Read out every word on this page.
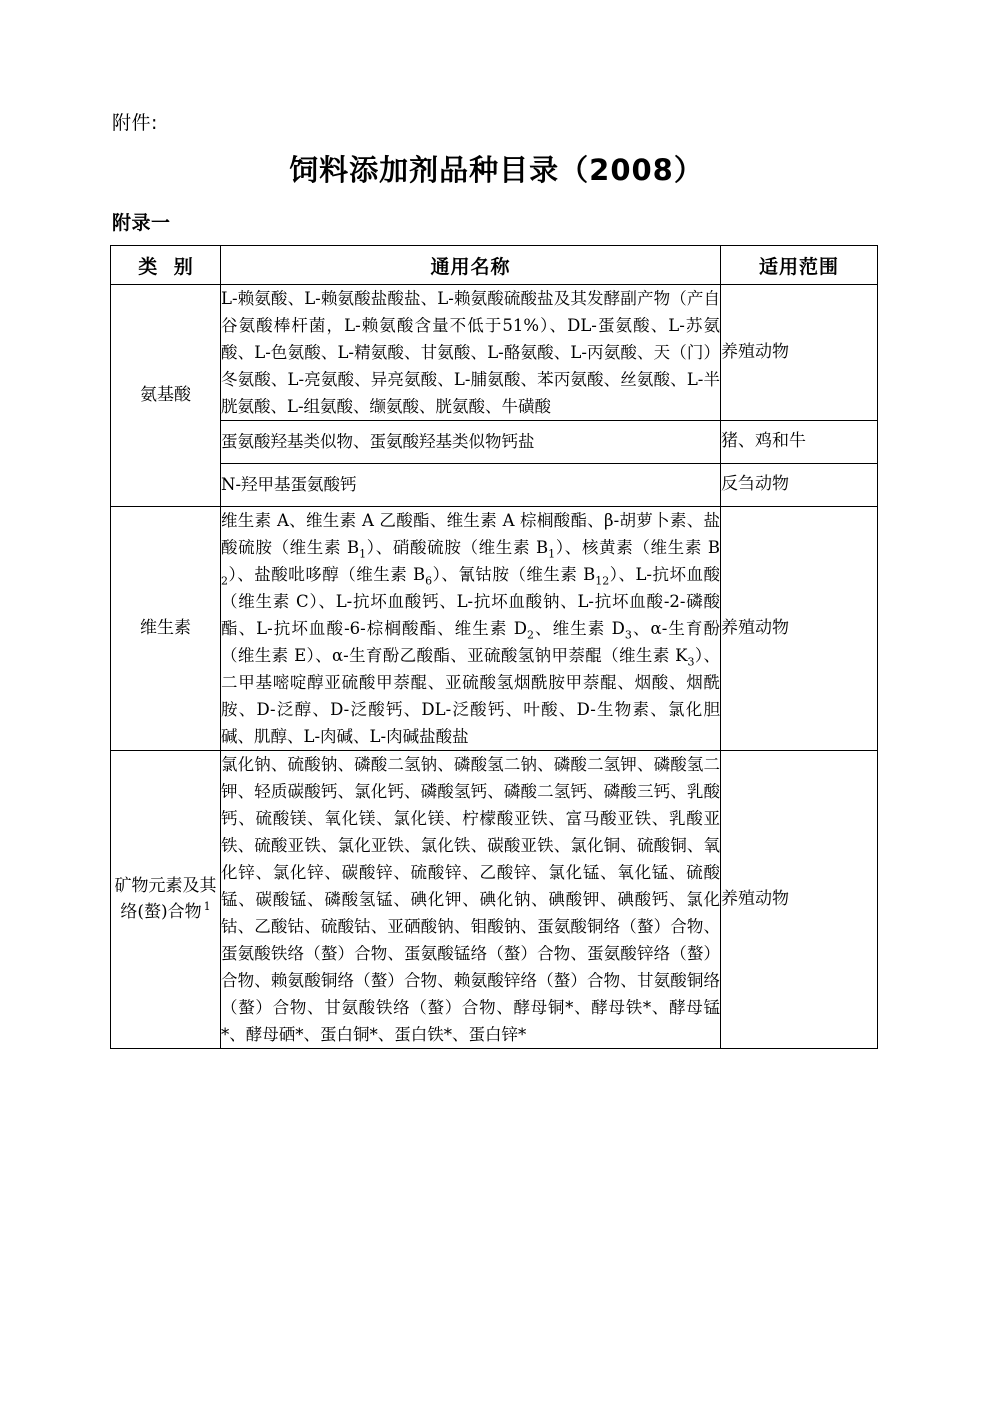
附件:
饲料添加剂品种目录（2008）
附录一
类 别	通用名称	适用范围
氨基酸	L-赖氨酸、L-赖氨酸盐酸盐、L-赖氨酸硫酸盐及其发酵副产物（产自谷氨酸棒杆菌，L-赖氨酸含量不低于51%）、DL-蛋氨酸、L-苏氨酸、L-色氨酸、L-精氨酸、甘氨酸、L-酪氨酸、L-丙氨酸、天（门）冬氨酸、L-亮氨酸、异亮氨酸、L-脯氨酸、苯丙氨酸、丝氨酸、L-半胱氨酸、L-组氨酸、缬氨酸、胱氨酸、牛磺酸	养殖动物
	蛋氨酸羟基类似物、蛋氨酸羟基类似物钙盐	猪、鸡和牛
	N-羟甲基蛋氨酸钙	反刍动物
维生素	维生素 A、维生素 A 乙酸酯、维生素 A 棕榈酸酯、β-胡萝卜素、盐酸硫胺（维生素 $B_1$）、硝酸硫胺（维生素 $B_1$）、核黄素（维生素 $B_2$）、盐酸吡哆醇（维生素 $B_6$）、氰钴胺（维生素 $B_{12}$）、L-抗坏血酸（维生素 C）、L-抗坏血酸钙、L-抗坏血酸钠、L-抗坏血酸-2-磷酸酯、L-抗坏血酸-6-棕榈酸酯、维生素 $D_2$、维生素 $D_3$、α-生育酚（维生素 E）、α-生育酚乙酸酯、亚硫酸氢钠甲萘醌（维生素 $K_3$）、二甲基嘧啶醇亚硫酸甲萘醌、亚硫酸氢烟酰胺甲萘醌、烟酸、烟酰胺、D-泛醇、D-泛酸钙、DL-泛酸钙、叶酸、D-生物素、氯化胆碱、肌醇、L-肉碱、L-肉碱盐酸盐	养殖动物
矿物元素及其络(螯)合物 $^1$	氯化钠、硫酸钠、磷酸二氢钠、磷酸氢二钠、磷酸二氢钾、磷酸氢二钾、轻质碳酸钙、氯化钙、磷酸氢钙、磷酸二氢钙、磷酸三钙、乳酸钙、硫酸镁、氧化镁、氯化镁、柠檬酸亚铁、富马酸亚铁、乳酸亚铁、硫酸亚铁、氯化亚铁、氯化铁、碳酸亚铁、氯化铜、硫酸铜、氧化锌、氯化锌、碳酸锌、硫酸锌、乙酸锌、氯化锰、氧化锰、硫酸锰、碳酸锰、磷酸氢锰、碘化钾、碘化钠、碘酸钾、碘酸钙、氯化钴、乙酸钴、硫酸钴、亚硒酸钠、钼酸钠、蛋氨酸铜络（螯）合物、蛋氨酸铁络（螯）合物、蛋氨酸锰络（螯）合物、蛋氨酸锌络（螯）合物、赖氨酸铜络（螯）合物、赖氨酸锌络（螯）合物、甘氨酸铜络（螯）合物、甘氨酸铁络（螯）合物、酵母铜*、酵母铁*、酵母锰*、酵母硒*、蛋白铜*、蛋白铁*、蛋白锌*	养殖动物
